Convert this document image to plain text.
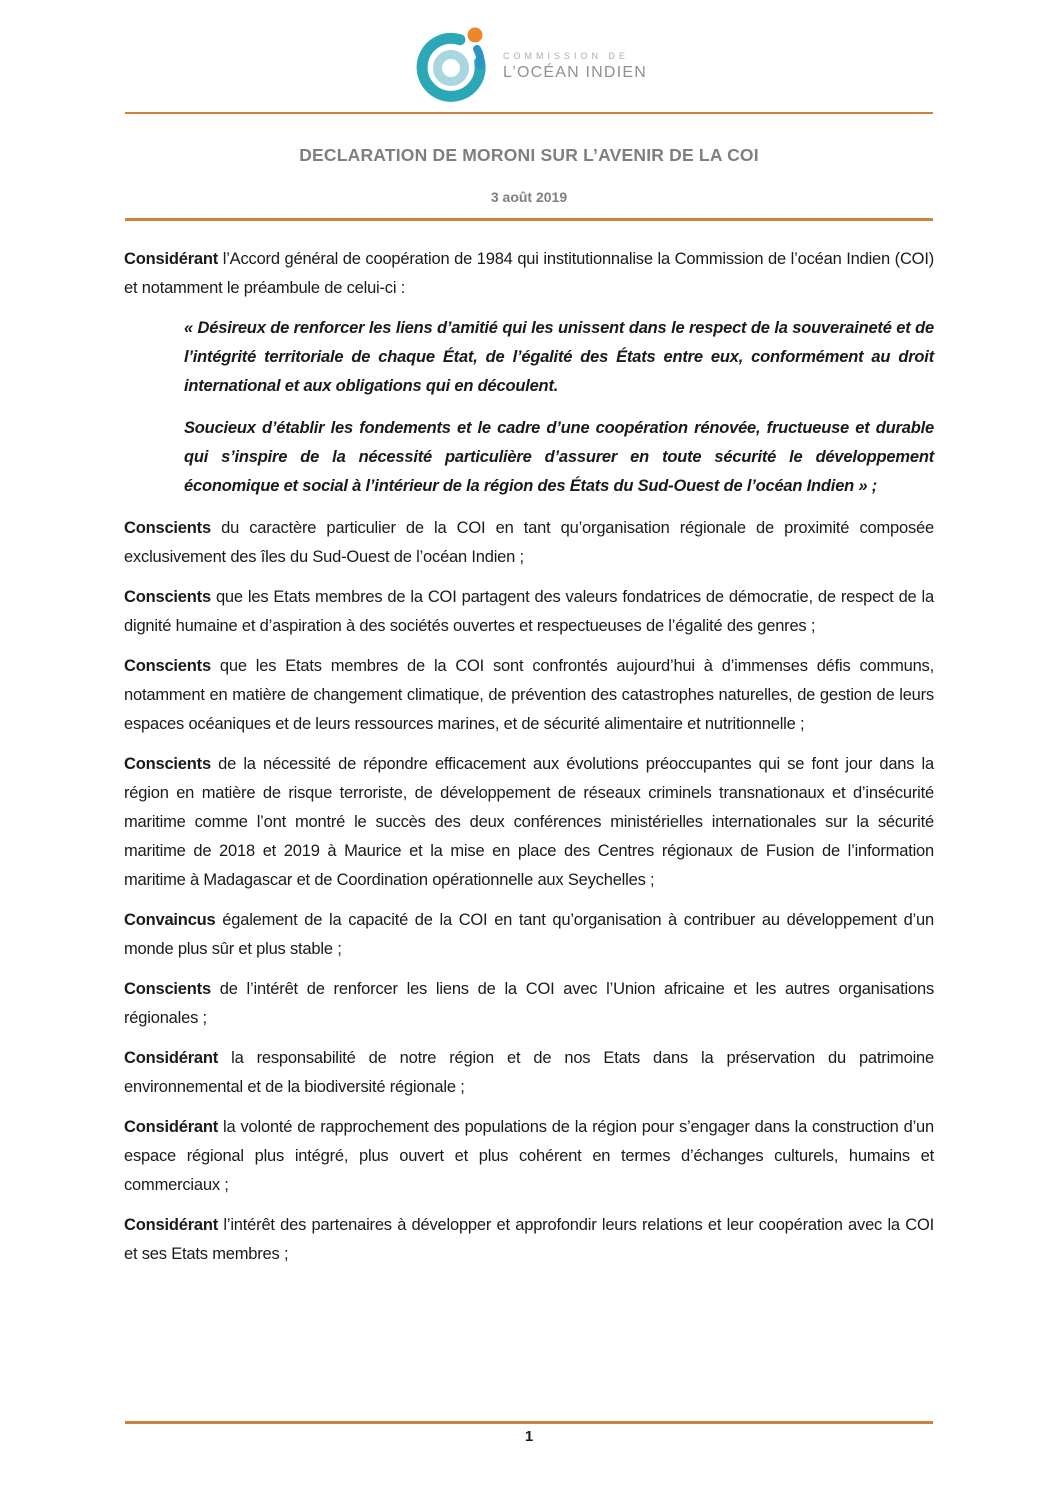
COMMISSION DE
L’OCÉAN INDIEN
DECLARATION DE MORONI SUR L’AVENIR DE LA COI
3 août 2019

Considérant l’Accord général de coopération de 1984 qui institutionnalise la Commission de l’océan Indien (COI) et notamment le préambule de celui-ci :

« Désireux de renforcer les liens d’amitié qui les unissent dans le respect de la souveraineté et de l’intégrité territoriale de chaque État, de l’égalité des États entre eux, conformément au droit international et aux obligations qui en découlent.

Soucieux d’établir les fondements et le cadre d’une coopération rénovée, fructueuse et durable qui s’inspire de la nécessité particulière d’assurer en toute sécurité le développement économique et social à l’intérieur de la région des États du Sud-Ouest de l’océan Indien » ;

Conscients du caractère particulier de la COI en tant qu’organisation régionale de proximité composée exclusivement des îles du Sud-Ouest de l’océan Indien ;

Conscients que les Etats membres de la COI partagent des valeurs fondatrices de démocratie, de respect de la dignité humaine et d’aspiration à des sociétés ouvertes et respectueuses de l’égalité des genres ;

Conscients que les Etats membres de la COI sont confrontés aujourd’hui à d’immenses défis communs, notamment en matière de changement climatique, de prévention des catastrophes naturelles, de gestion de leurs espaces océaniques et de leurs ressources marines, et de sécurité alimentaire et nutritionnelle ;

Conscients de la nécessité de répondre efficacement aux évolutions préoccupantes qui se font jour dans la région en matière de risque terroriste, de développement de réseaux criminels transnationaux et d’insécurité maritime comme l’ont montré le succès des deux conférences ministérielles internationales sur la sécurité maritime de 2018 et 2019 à Maurice et la mise en place des Centres régionaux de Fusion de l’information maritime à Madagascar et de Coordination opérationnelle aux Seychelles ;

Convaincus également de la capacité de la COI en tant qu’organisation à contribuer au développement d’un monde plus sûr et plus stable ;

Conscients de l’intérêt de renforcer les liens de la COI avec l’Union africaine et les autres organisations régionales ;

Considérant la responsabilité de notre région et de nos Etats dans la préservation du patrimoine environnemental et de la biodiversité régionale ;

Considérant la volonté de rapprochement des populations de la région pour s’engager dans la construction d’un espace régional plus intégré, plus ouvert et plus cohérent en termes d’échanges culturels, humains et commerciaux ;

Considérant l’intérêt des partenaires à développer et approfondir leurs relations et leur coopération avec la COI et ses Etats membres ;

1
